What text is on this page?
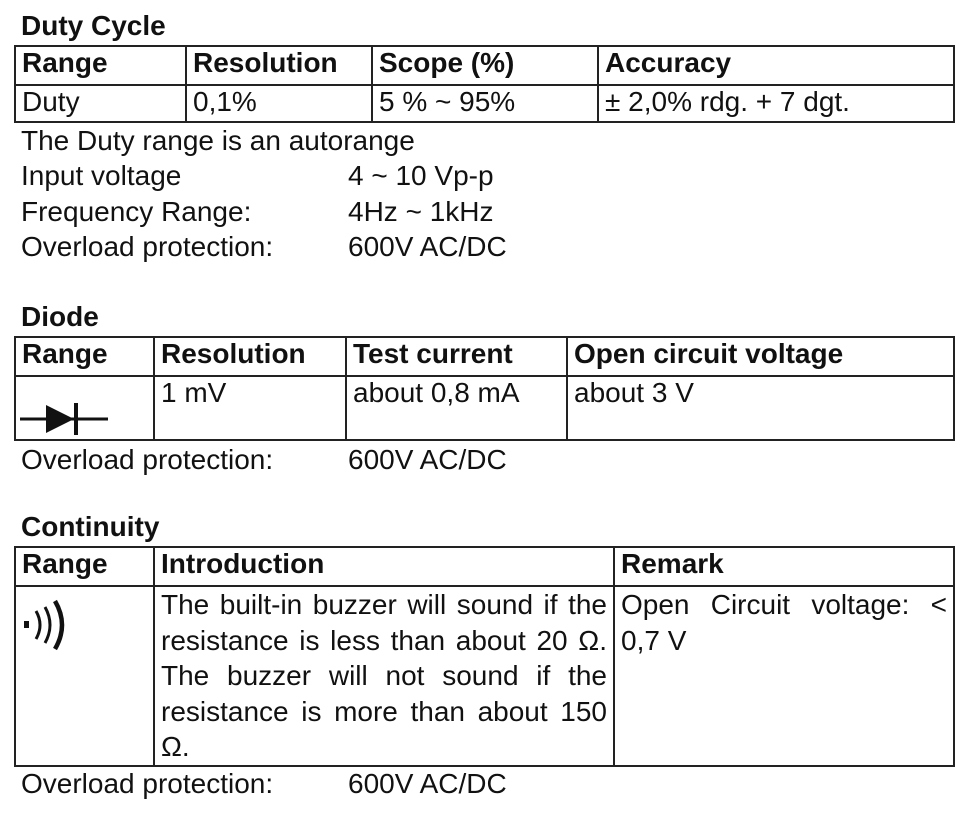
Duty Cycle
Range	Resolution	Scope (%)	Accuracy
Duty	0,1%	5 % ~ 95%	± 2,0% rdg. + 7 dgt.
The Duty range is an autorange
Input voltage	4 ~ 10 Vp-p
Frequency Range:	4Hz ~ 1kHz
Overload protection:	600V AC/DC
Diode
Range	Resolution	Test current	Open circuit voltage

	1 mV	about 0,8 mA	about 3 V
Overload protection:	600V AC/DC
Continuity
Range	Introduction	Remark

	The built-in buzzer will sound if the resistance is less than about 20 Ω. The buzzer will not sound if the resistance is more than about 150 Ω.	Open Circuit voltage: < 0,7 V
Overload protection:	600V AC/DC
